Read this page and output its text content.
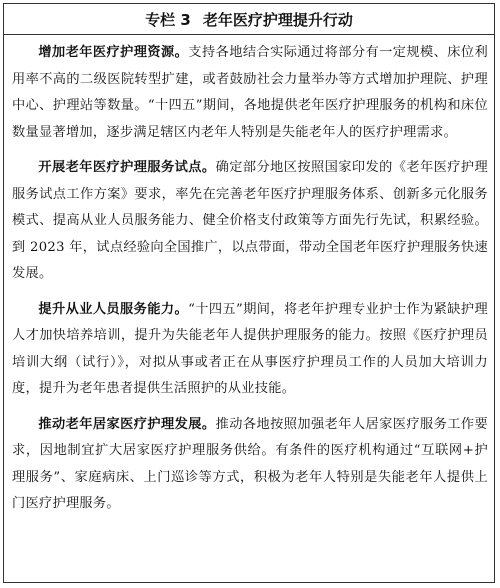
专栏 3 老年医疗护理提升行动

增加老年医疗护理资源。支持各地结合实际通过将部分有一定规模、床位利用率不高的二级医院转型扩建，或者鼓励社会力量举办等方式增加护理院、护理中心、护理站等数量。“十四五”期间，各地提供老年医疗护理服务的机构和床位数量显著增加，逐步满足辖区内老年人特别是失能老年人的医疗护理需求。

开展老年医疗护理服务试点。确定部分地区按照国家印发的《老年医疗护理服务试点工作方案》要求，率先在完善老年医疗护理服务体系、创新多元化服务模式、提高从业人员服务能力、健全价格支付政策等方面先行先试，积累经验。到 2023 年，试点经验向全国推广，以点带面，带动全国老年医疗护理服务快速发展。

提升从业人员服务能力。“十四五”期间，将老年护理专业护士作为紧缺护理人才加快培养培训，提升为失能老年人提供护理服务的能力。按照《医疗护理员培训大纲（试行）》，对拟从事或者正在从事医疗护理员工作的人员加大培训力度，提升为老年患者提供生活照护的从业技能。

推动老年居家医疗护理发展。推动各地按照加强老年人居家医疗服务工作要求，因地制宜扩大居家医疗护理服务供给。有条件的医疗机构通过“互联网+护理服务”、家庭病床、上门巡诊等方式，积极为老年人特别是失能老年人提供上门医疗护理服务。
